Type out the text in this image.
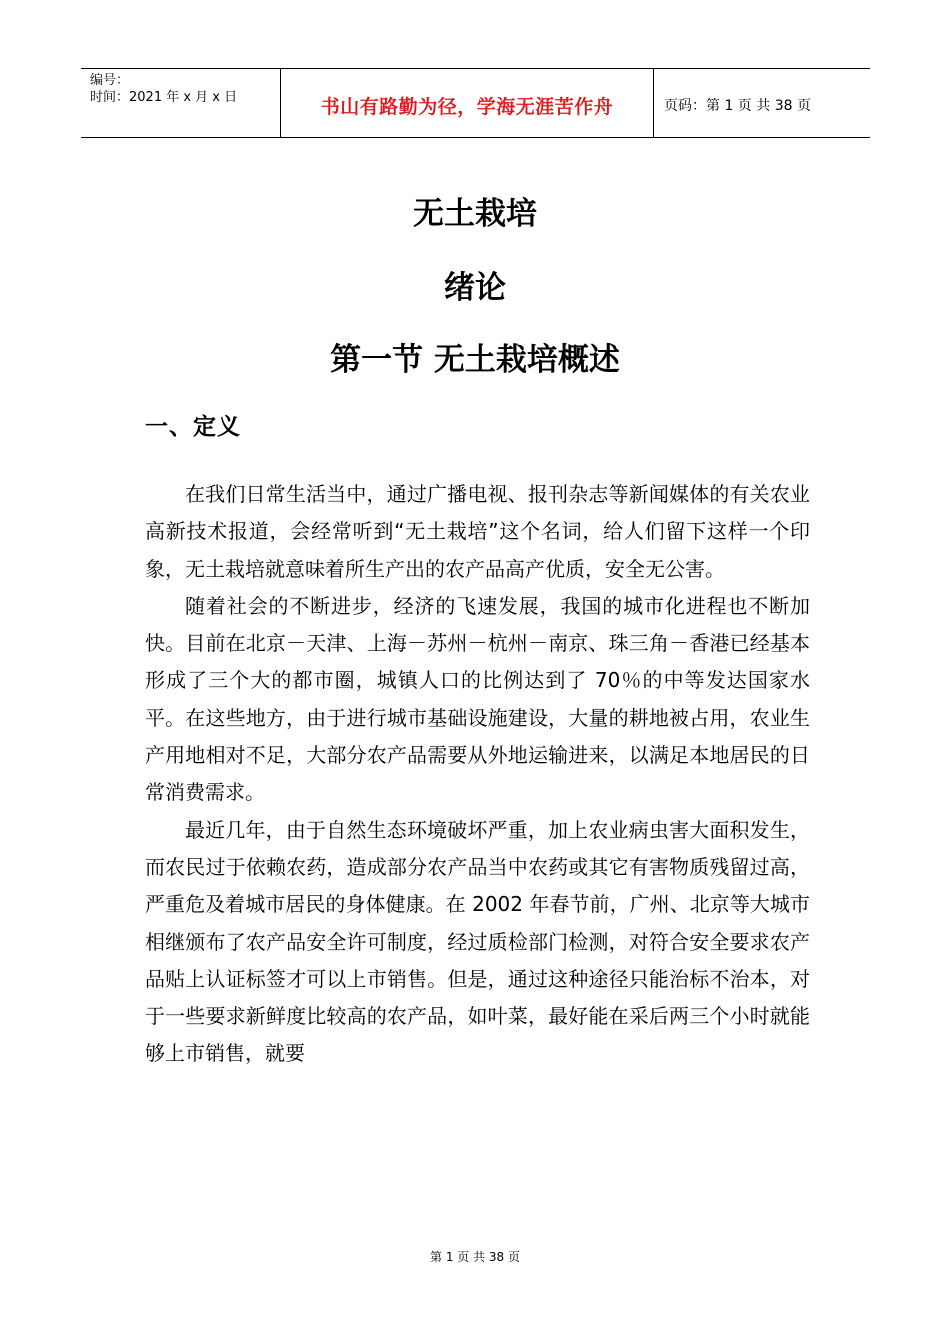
编号：
时间：2021 年 x 月 x 日	书山有路勤为径，学海无涯苦作舟	页码：第 1 页 共 38 页
无土栽培
绪论
第一节 无土栽培概述
一、定义

在我们日常生活当中，通过广播电视、报刊杂志等新闻媒体的有关农业高新技术报道，会经常听到“无土栽培”这个名词，给人们留下这样一个印象，无土栽培就意味着所生产出的农产品高产优质，安全无公害。

随着社会的不断进步，经济的飞速发展，我国的城市化进程也不断加快。目前在北京－天津、上海－苏州－杭州－南京、珠三角－香港已经基本形成了三个大的都市圈，城镇人口的比例达到了 70％的中等发达国家水平。在这些地方，由于进行城市基础设施建设，大量的耕地被占用，农业生产用地相对不足，大部分农产品需要从外地运输进来，以满足本地居民的日常消费需求。

最近几年，由于自然生态环境破坏严重，加上农业病虫害大面积发生，而农民过于依赖农药，造成部分农产品当中农药或其它有害物质残留过高，严重危及着城市居民的身体健康。在 2002 年春节前，广州、北京等大城市相继颁布了农产品安全许可制度，经过质检部门检测，对符合安全要求农产品贴上认证标签才可以上市销售。但是，通过这种途径只能治标不治本，对于一些要求新鲜度比较高的农产品，如叶菜，最好能在采后两三个小时就能够上市销售，就要

第 1 页 共 38 页
